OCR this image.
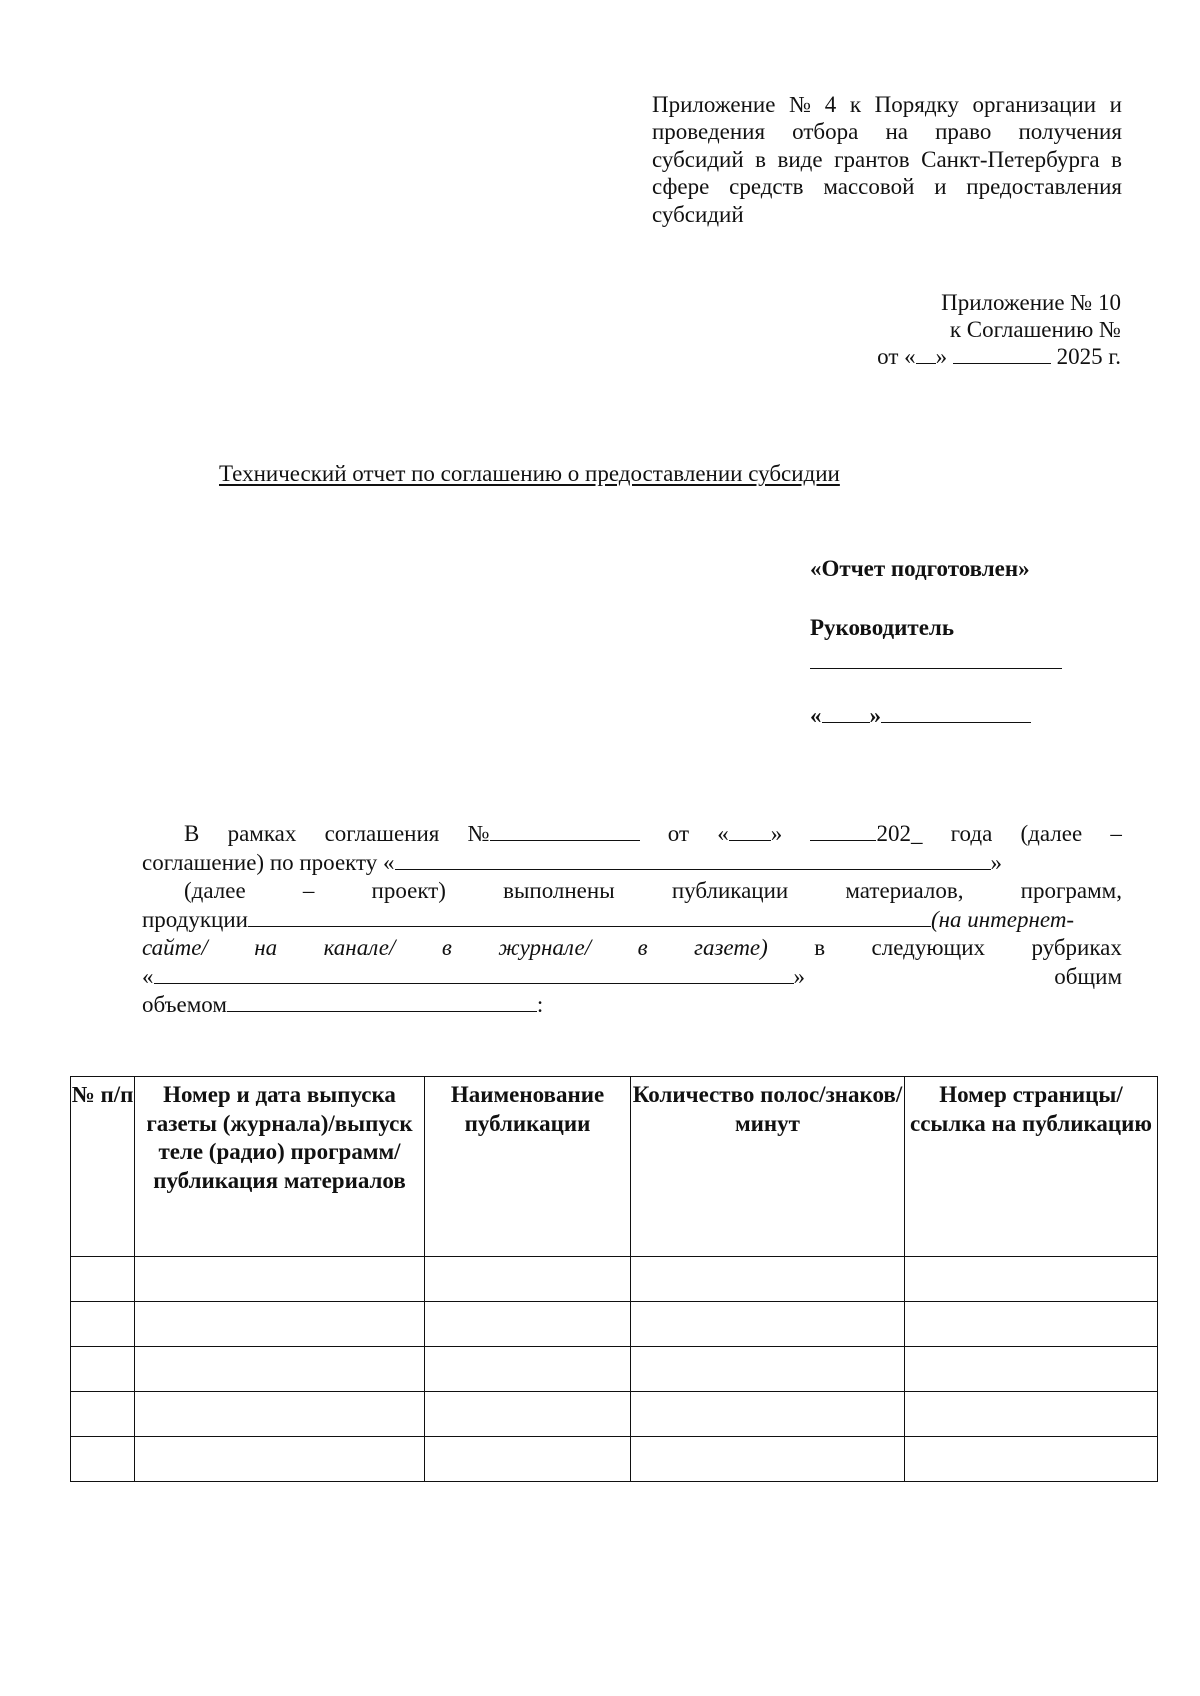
Приложение № 4 к Порядку организации и
проведения отбора на право получения
субсидий в виде грантов Санкт-Петербурга в
сфере средств массовой и предоставления
субсидий
Приложение № 10
к Соглашению №
от « »	2025 г.
Технический отчет по соглашению о предоставлении субсидии
«Отчет подготовлен»
Руководитель
« »
В рамках соглашения №	от « »	202_ года (далее –
соглашение) по проекту «	»
(далее – проект) выполнены публикации материалов, программ,
продукции	(на интернет-
сайте/ на канале/ в журнале/ в газете) в следующих рубриках
«	»	общим
объемом	:
№ п/п	Номер и дата выпуска газеты (журнала)/выпуск теле (радио) программ/публикация материалов	Наименование публикации	Количество полос/знаков/минут	Номер страницы/ссылка на публикацию
